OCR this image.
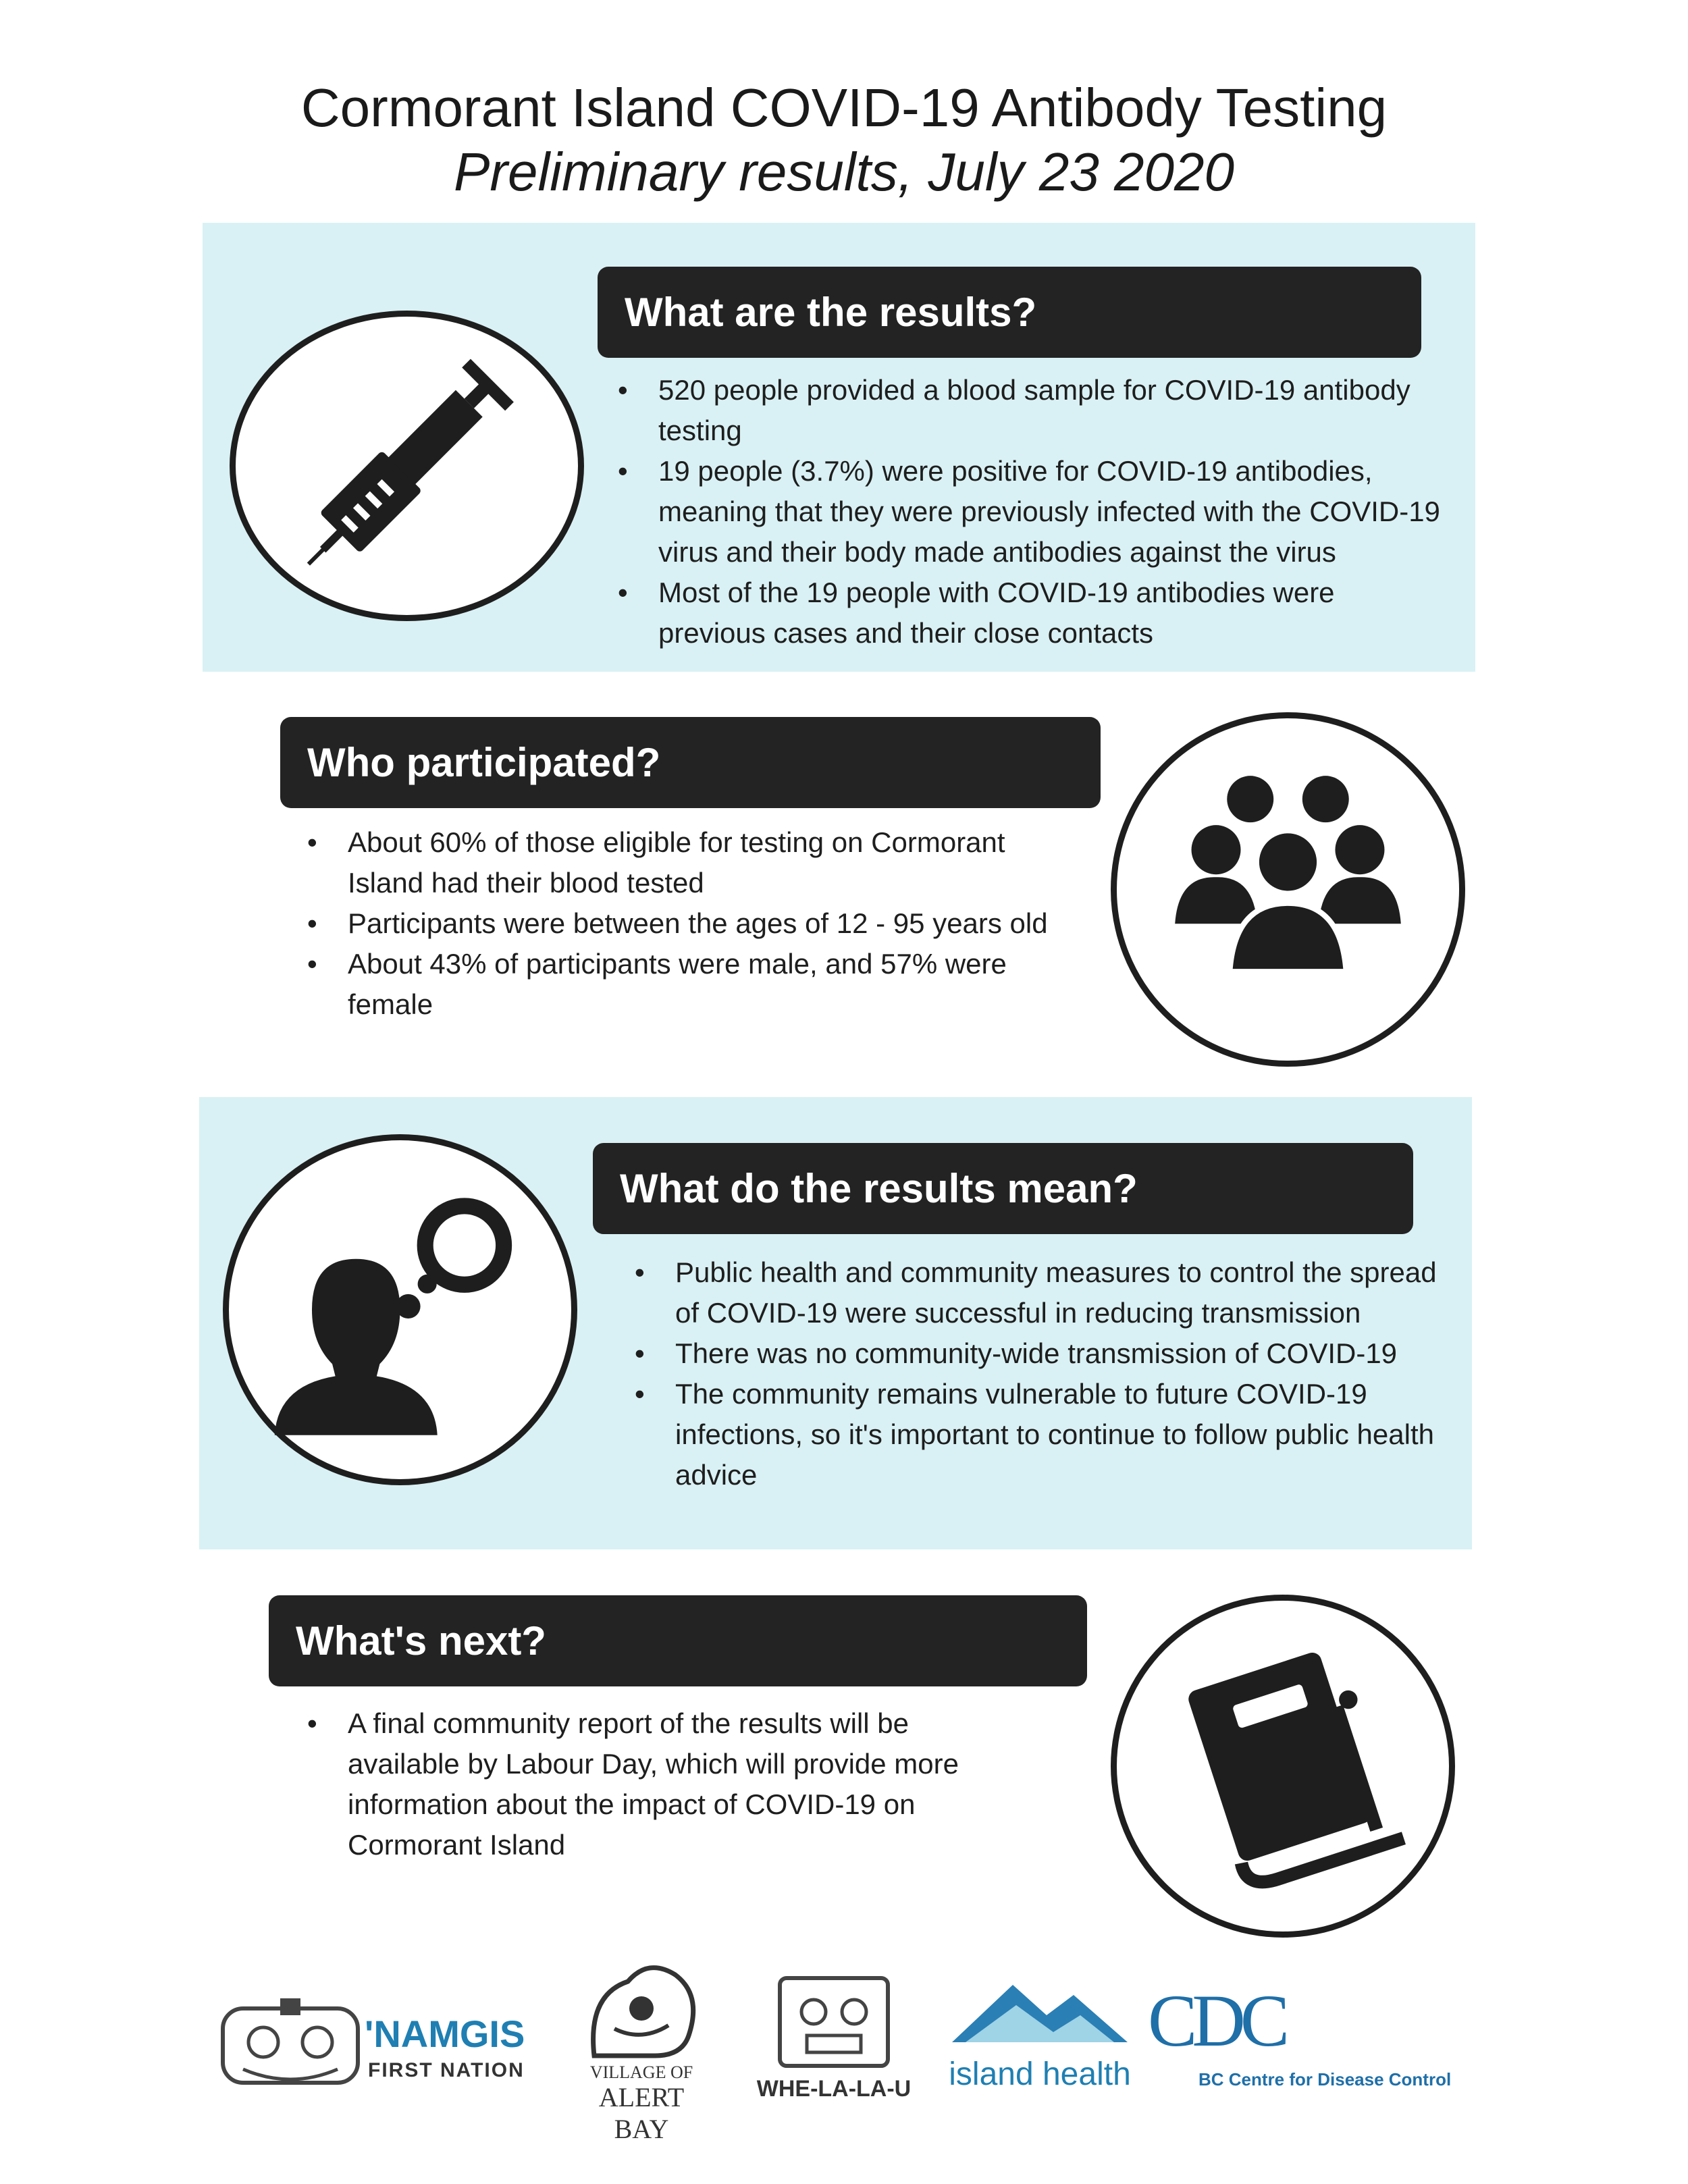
Cormorant Island COVID-19 Antibody Testing
Preliminary results, July 23 2020
What are the results?
• 520 people provided a blood sample for COVID-19 antibody testing
• 19 people (3.7%) were positive for COVID-19 antibodies, meaning that they were previously infected with the COVID-19 virus and their body made antibodies against the virus
• Most of the 19 people with COVID-19 antibodies were previous cases and their close contacts
Who participated?
• About 60% of those eligible for testing on Cormorant Island had their blood tested
• Participants were between the ages of 12 - 95 years old
• About 43% of participants were male, and 57% were female
What do the results mean?
• Public health and community measures to control the spread of COVID-19 were successful in reducing transmission
• There was no community-wide transmission of COVID-19
• The community remains vulnerable to future COVID-19 infections, so it's important to continue to follow public health advice
What's next?
• A final community report of the results will be available by Labour Day, which will provide more information about the impact of COVID-19 on Cormorant Island
'NAMGIS
FIRST NATION	VILLAGE OF
ALERT BAY
WHE-LA-LA-U	island health
CDC
BC Centre for Disease Control
